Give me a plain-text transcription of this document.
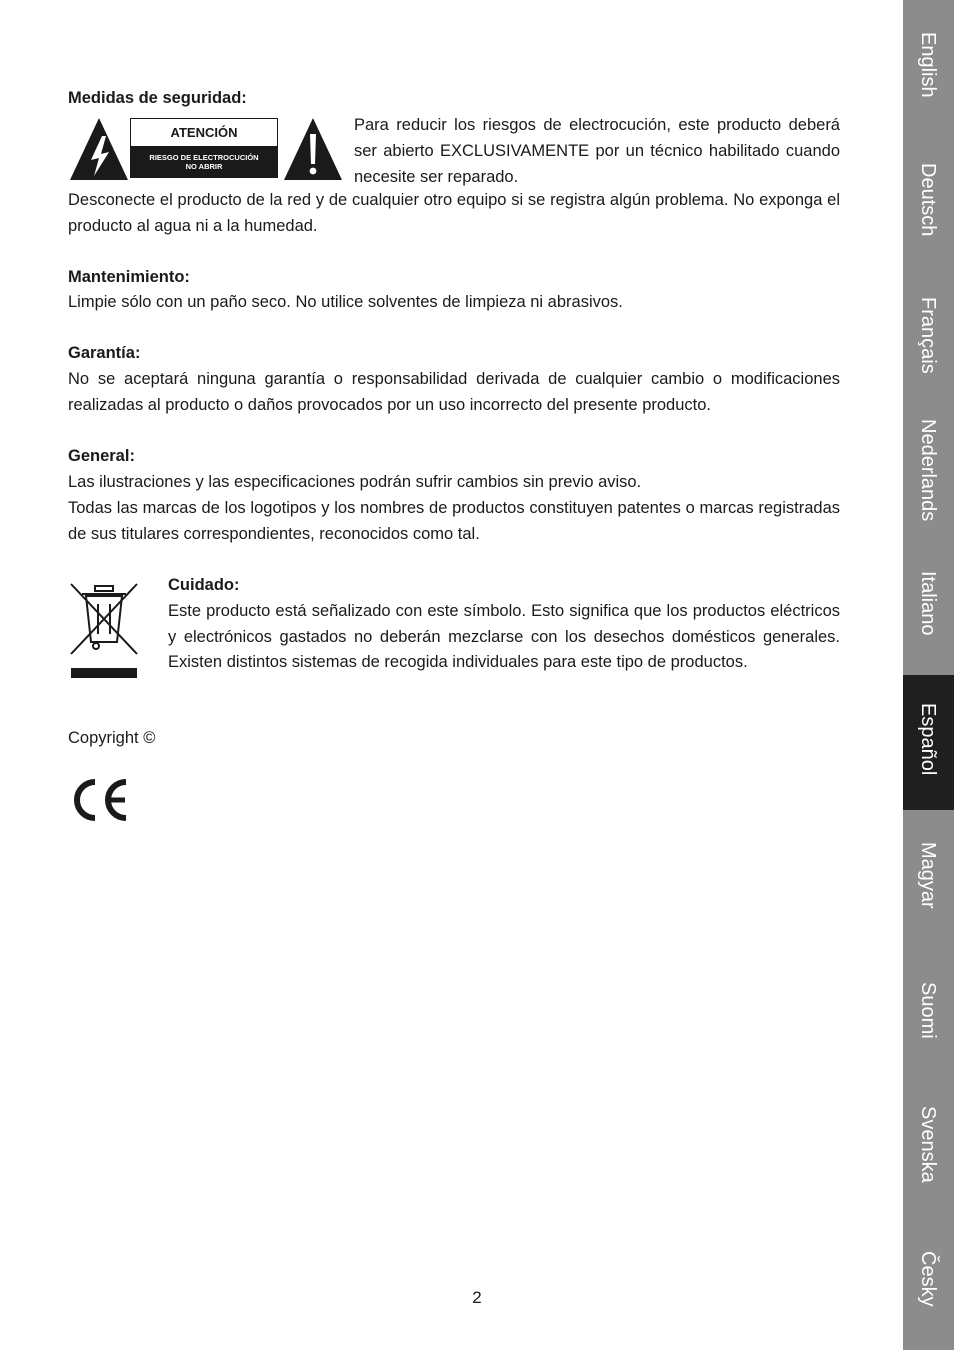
Medidas de seguridad:
ATENCIÓN
RIESGO DE ELECTROCUCIÓN
NO ABRIR
Para reducir los riesgos de electrocución, este producto deberá ser abierto EXCLUSIVAMENTE por un técnico habilitado cuando necesite ser reparado.
Desconecte el producto de la red y de cualquier otro equipo si se registra algún problema. No exponga el producto al agua ni a la humedad.
Mantenimiento:
Limpie sólo con un paño seco. No utilice solventes de limpieza ni abrasivos.
Garantía:
No se aceptará ninguna garantía o responsabilidad derivada de cualquier cambio o modificaciones realizadas al producto o daños provocados por un uso incorrecto del presente producto.
General:

Las ilustraciones y las especificaciones podrán sufrir cambios sin previo aviso.

Todas las marcas de los logotipos y los nombres de productos constituyen patentes o marcas registradas de sus titulares correspondientes, reconocidos como tal.

Cuidado:
Este producto está señalizado con este símbolo. Esto significa que los productos eléctricos y electrónicos gastados no deberán mezclarse con los desechos domésticos generales. Existen distintos sistemas de recogida individuales para este tipo de productos.
Copyright ©
2
English
Deutsch
Français
Nederlands
Italiano
Español
Magyar
Suomi
Svenska
Česky
